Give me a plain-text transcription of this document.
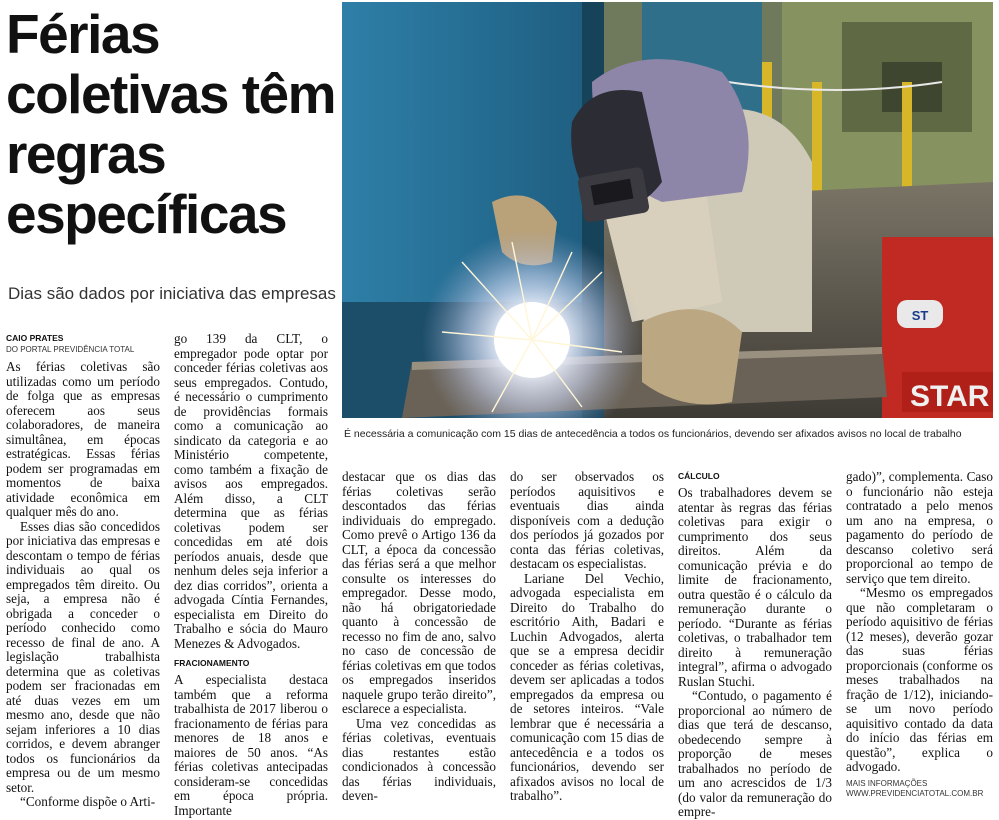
Férias coletivas têm regras específicas
Dias são dados por iniciativa das empresas
ST
STAR
É necessária a comunicação com 15 dias de antecedência a todos os funcionários, devendo ser afixados avisos no local de trabalho
CAIO PRATES
DO PORTAL PREVIDÊNCIA TOTAL

As férias coletivas são utilizadas como um período de folga que as empresas oferecem aos seus colaboradores, de maneira simultânea, em épocas estratégicas. Essas férias podem ser programadas em momentos de baixa atividade econômica em qualquer mês do ano.

Esses dias são concedidos por iniciativa das empresas e descontam o tempo de férias individuais ao qual os empregados têm direito. Ou seja, a empresa não é obrigada a conceder o período conhecido como recesso de final de ano. A legislação trabalhista determina que as coletivas podem ser fracionadas em até duas vezes em um mesmo ano, desde que não sejam inferiores a 10 dias corridos, e devem abranger todos os funcionários da empresa ou de um mesmo setor.

“Conforme dispõe o Arti-

go 139 da CLT, o empregador pode optar por conceder férias coletivas aos seus empregados. Contudo, é necessário o cumprimento de providências formais como a comunicação ao sindicato da categoria e ao Ministério competente, como também a fixação de avisos aos empregados. Além disso, a CLT determina que as férias coletivas podem ser concedidas em até dois períodos anuais, desde que nenhum deles seja inferior a dez dias corridos”, orienta a advogada Cíntia Fernandes, especialista em Direito do Trabalho e sócia do Mauro Menezes & Advogados.

FRACIONAMENTO

A especialista destaca também que a reforma trabalhista de 2017 liberou o fracionamento de férias para menores de 18 anos e maiores de 50 anos. “As férias coletivas antecipadas consideram-se concedidas em época própria. Importante

destacar que os dias das férias coletivas serão descontados das férias individuais do empregado. Como prevê o Artigo 136 da CLT, a época da concessão das férias será a que melhor consulte os interesses do empregador. Desse modo, não há obrigatoriedade quanto à concessão de recesso no fim de ano, salvo no caso de concessão de férias coletivas em que todos os empregados inseridos naquele grupo terão direito”, esclarece a especialista.

Uma vez concedidas as férias coletivas, eventuais dias restantes estão condicionados à concessão das férias individuais, deven-

do ser observados os períodos aquisitivos e eventuais dias ainda disponíveis com a dedução dos períodos já gozados por conta das férias coletivas, destacam os especialistas.

Lariane Del Vechio, advogada especialista em Direito do Trabalho do escritório Aith, Badari e Luchin Advogados, alerta que se a empresa decidir conceder as férias coletivas, devem ser aplicadas a todos empregados da empresa ou de setores inteiros. “Vale lembrar que é necessária a comunicação com 15 dias de antecedência e a todos os funcionários, devendo ser afixados avisos no local de trabalho”.

CÁLCULO

Os trabalhadores devem se atentar às regras das férias coletivas para exigir o cumprimento dos seus direitos. Além da comunicação prévia e do limite de fracionamento, outra questão é o cálculo da remuneração durante o período. “Durante as férias coletivas, o trabalhador tem direito à remuneração integral”, afirma o advogado Ruslan Stuchi.

“Contudo, o pagamento é proporcional ao número de dias que terá de descanso, obedecendo sempre à proporção de meses trabalhados no período de um ano acrescidos de 1/3 (do valor da remuneração do empre-

gado)”, complementa. Caso o funcionário não esteja contratado a pelo menos um ano na empresa, o pagamento do período de descanso coletivo será proporcional ao tempo de serviço que tem direito.

“Mesmo os empregados que não completaram o período aquisitivo de férias (12 meses), deverão gozar das suas férias proporcionais (conforme os meses trabalhados na fração de 1/12), iniciando-se um novo período aquisitivo contado da data do início das férias em questão”, explica o advogado.

MAIS INFORMAÇÕES
WWW.PREVIDENCIATOTAL.COM.BR
